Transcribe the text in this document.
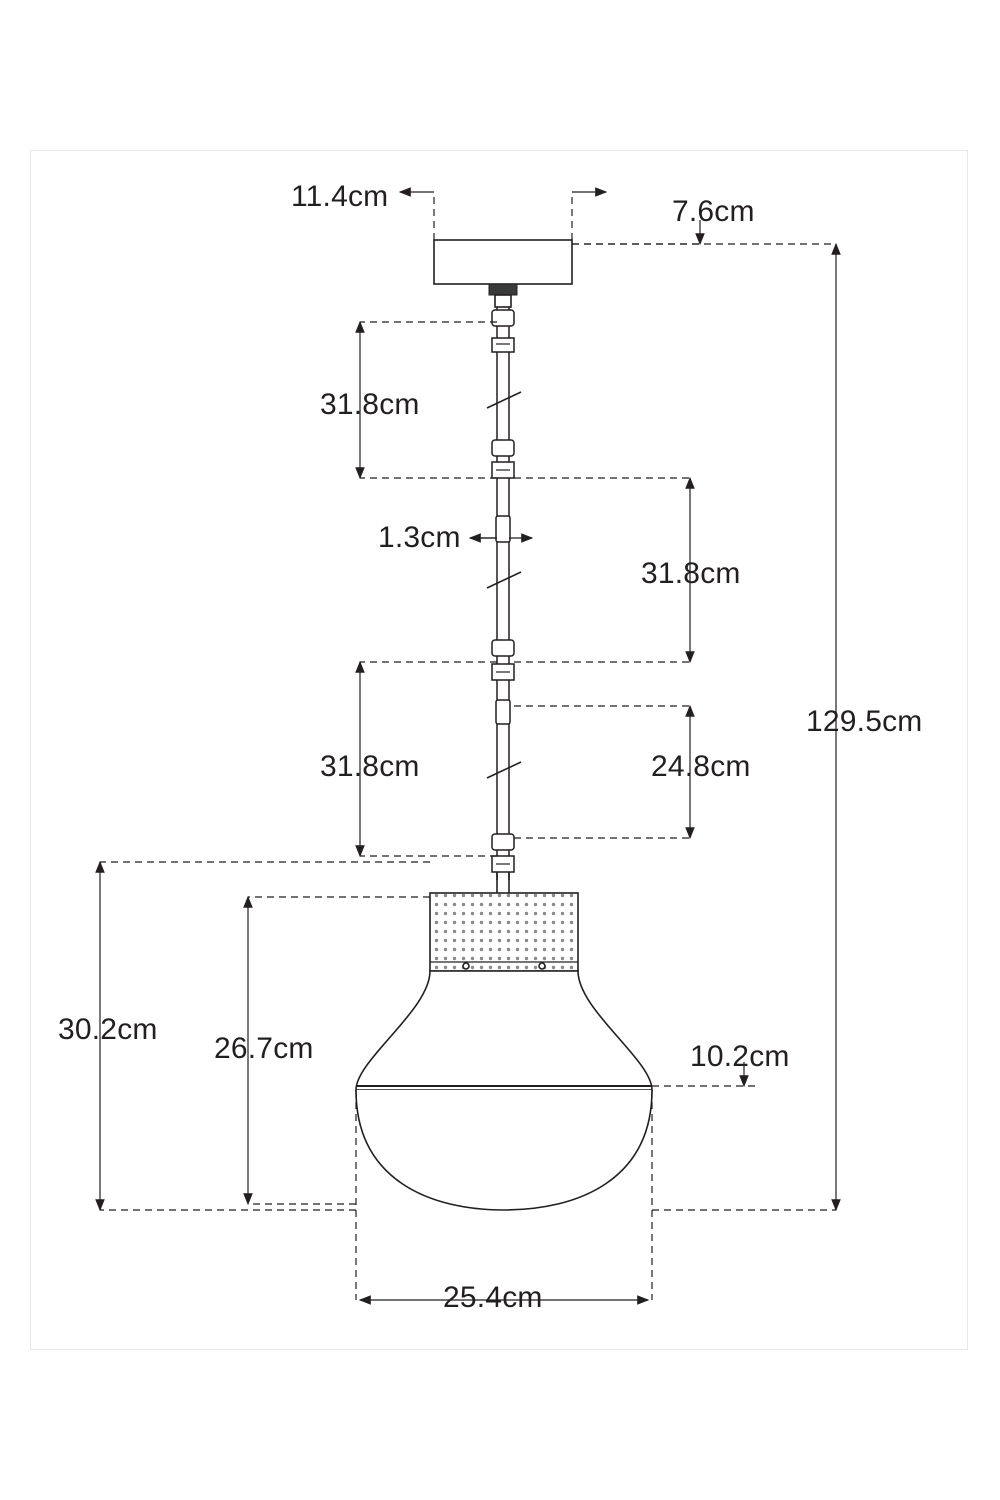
11.4cm	7.6cm
31.8cm
1.3cm
31.8cm
31.8cm	24.8cm
129.5cm
30.2cm
26.7cm	10.2cm
25.4cm
